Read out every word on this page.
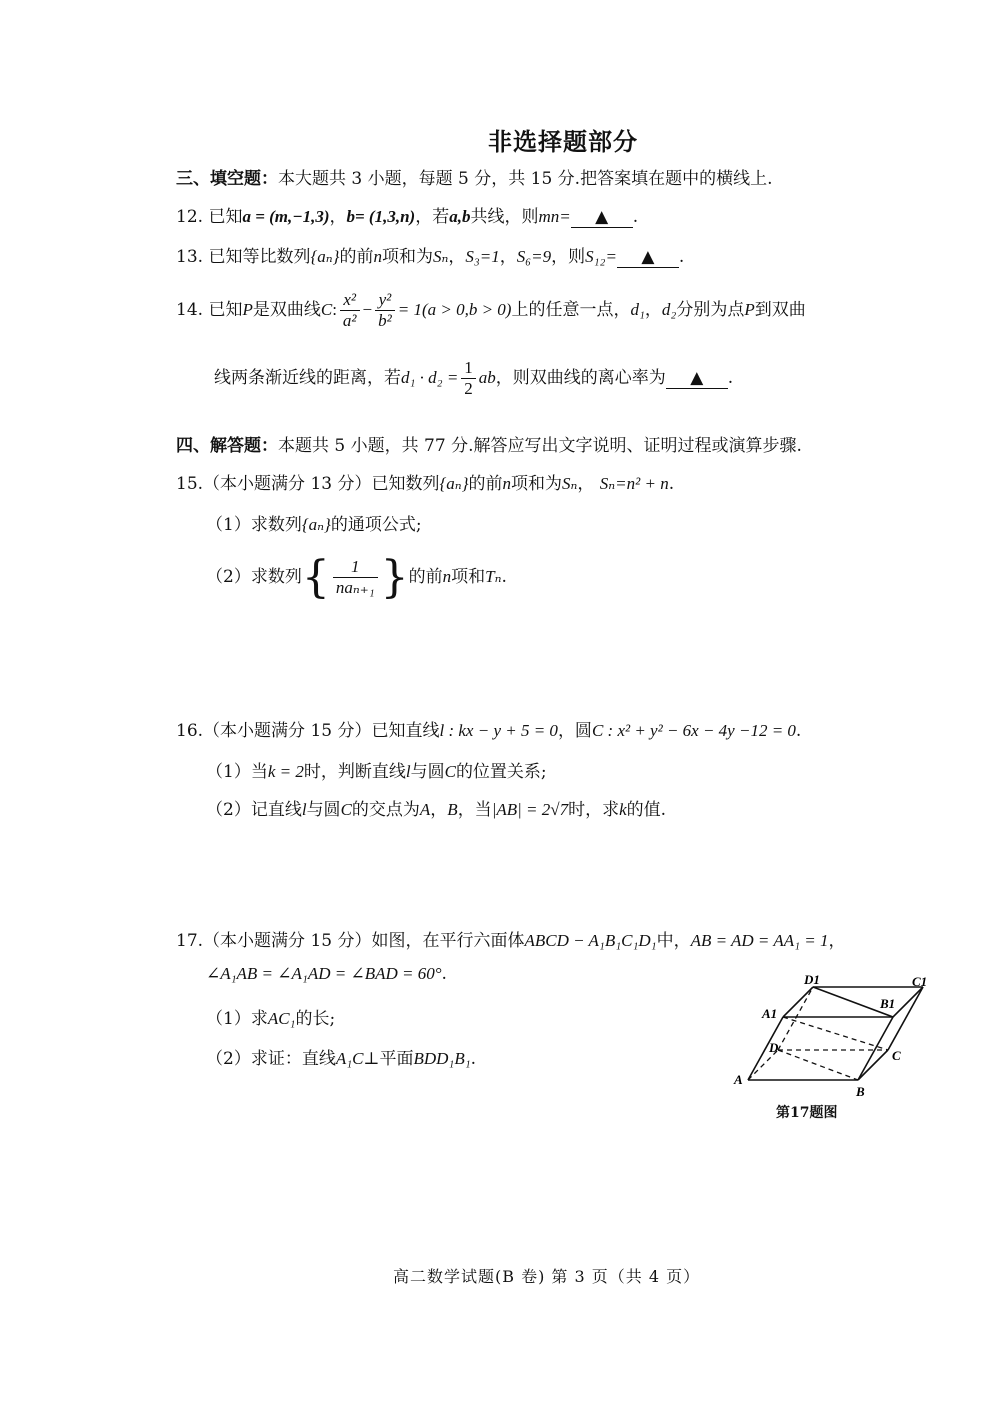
非选择题部分
三、填空题：本大题共 3 小题，每题 5 分，共 15 分.把答案填在题中的横线上.
12. 已知a = (m,−1,3)，b= (1,3,n)，若a,b共线，则mn= ▲ .
13. 已知等比数列{aₙ}的前n项和为Sₙ，S₃=1，S₆=9，则S₁₂= ▲ .
14. 已知P是双曲线C: $\frac{\text{x²}}{\text{a²}} - \frac{\text{y²}}{\text{b²}} = 1(a > 0,b > 0)$上的任意一点，d₁，d₂分别为点P到双曲
线两条渐近线的距离，若$d_1 \cdot d_2 = \frac{1}{2}$ ab，则双曲线的离心率为 ▲ .
四、解答题：本题共 5 小题，共 77 分.解答应写出文字说明、证明过程或演算步骤.
15.（本小题满分 13 分）已知数列{aₙ}的前n项和为Sₙ， Sₙ=n² + n.
（1）求数列{aₙ}的通项公式;
（2）求数列{ $\frac{1}{\text{naₙ₊₁}}$ }的前n项和Tₙ.
16.（本小题满分 15 分）已知直线l : kx − y + 5 = 0，圆C : x² + y² − 6x − 4y −12 = 0.
（1）当k = 2时，判断直线l与圆C的位置关系;
（2）记直线l与圆C的交点为A，B，当|AB| = 2√7时，求k的值.
17.（本小题满分 15 分）如图，在平行六面体ABCD − A₁B₁C₁D₁中，AB = AD = AA₁ = 1，
∠A₁AB = ∠A₁AD = ∠BAD = 60°.
（1）求AC₁的长;
（2）求证：直线A₁C⊥平面BDD₁B₁.
A
B
C
D
A1
B1
C1
D1
第17题图
高二数学试题(B 卷) 第 3 页（共 4 页）
